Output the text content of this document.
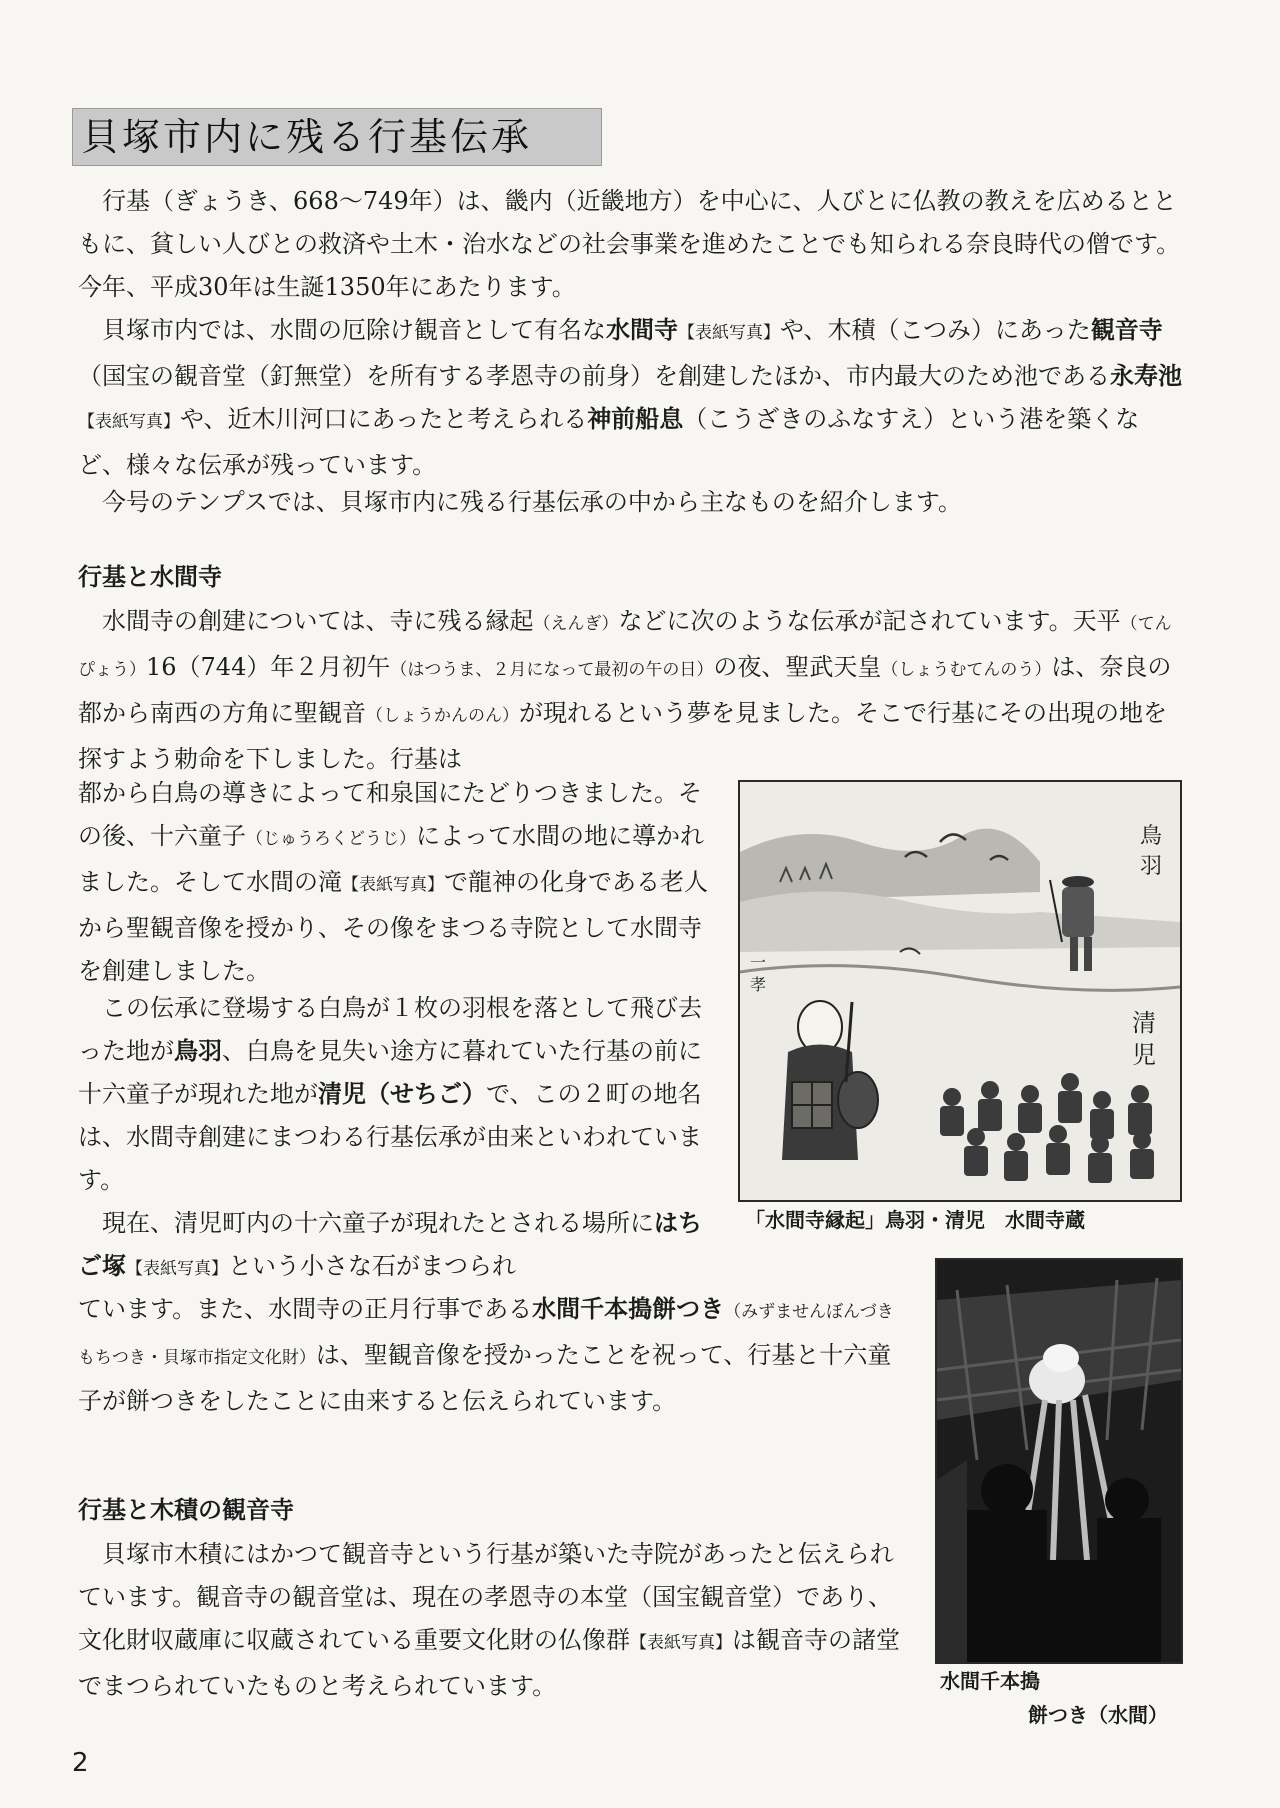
貝塚市内に残る行基伝承

行基（ぎょうき、668〜749年）は、畿内（近畿地方）を中心に、人びとに仏教の教えを広めるとともに、貧しい人びとの救済や土木・治水などの社会事業を進めたことでも知られる奈良時代の僧です。今年、平成30年は生誕1350年にあたります。

貝塚市内では、水間の厄除け観音として有名な水間寺【表紙写真】や、木積（こつみ）にあった観音寺（国宝の観音堂（釘無堂）を所有する孝恩寺の前身）を創建したほか、市内最大のため池である永寿池【表紙写真】や、近木川河口にあったと考えられる神前船息（こうざきのふなすえ）という港を築くなど、様々な伝承が残っています。

今号のテンプスでは、貝塚市内に残る行基伝承の中から主なものを紹介します。

行基と水間寺

水間寺の創建については、寺に残る縁起（えんぎ）などに次のような伝承が記されています。天平（てんぴょう）16（744）年２月初午（はつうま、２月になって最初の午の日）の夜、聖武天皇（しょうむてんのう）は、奈良の都から南西の方角に聖観音（しょうかんのん）が現れるという夢を見ました。そこで行基にその出現の地を探すよう勅命を下しました。行基は

都から白鳥の導きによって和泉国にたどりつきました。その後、十六童子（じゅうろくどうじ）によって水間の地に導かれました。そして水間の滝【表紙写真】で龍神の化身である老人から聖観音像を授かり、その像をまつる寺院として水間寺を創建しました。

この伝承に登場する白鳥が１枚の羽根を落として飛び去った地が鳥羽、白鳥を見失い途方に暮れていた行基の前に十六童子が現れた地が清児（せちご）で、この２町の地名は、水間寺創建にまつわる行基伝承が由来といわれています。

現在、清児町内の十六童子が現れたとされる場所にはちご塚【表紙写真】という小さな石がまつられ

ています。また、水間寺の正月行事である水間千本搗餅つき（みずませんぼんづきもちつき・貝塚市指定文化財）は、聖観音像を授かったことを祝って、行基と十六童子が餅つきをしたことに由来すると伝えられています。

行基と木積の観音寺

貝塚市木積にはかつて観音寺という行基が築いた寺院があったと伝えられています。観音寺の観音堂は、現在の孝恩寺の本堂（国宝観音堂）であり、文化財収蔵庫に収蔵されている重要文化財の仏像群【表紙写真】は観音寺の諸堂でまつられていたものと考えられています。

鳥羽
清児
一孝
「水間寺縁起」鳥羽・清児　水間寺蔵
水間千本搗
餅つき（水間）
2
